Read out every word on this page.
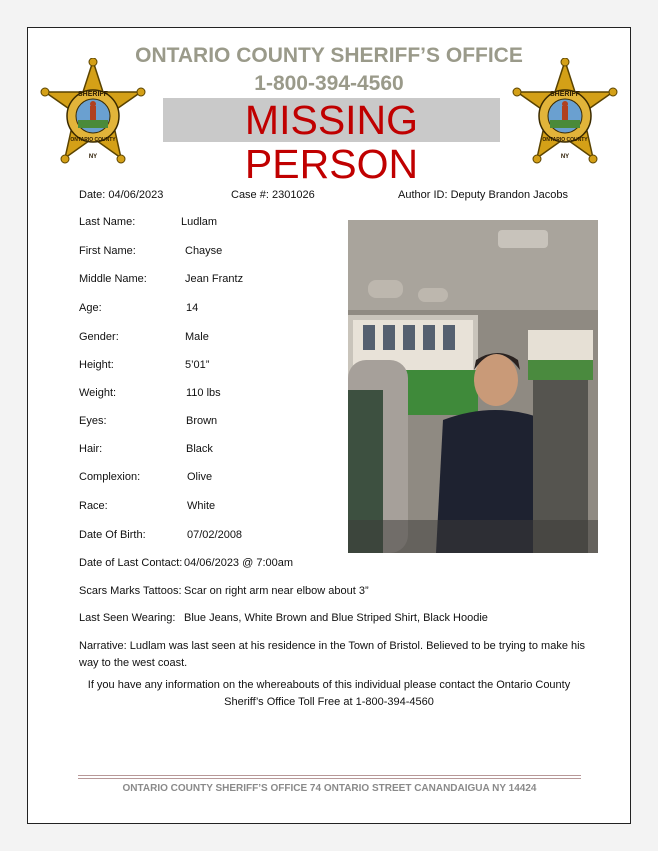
ONTARIO COUNTY SHERIFF’S OFFICE
1-800-394-4560
MISSING PERSON
SHERIFF
ONTARIO COUNTY
NY
SHERIFF
ONTARIO COUNTY
NY
Date: 04/06/2023	Case #: 2301026	Author ID: Deputy Brandon Jacobs
Last Name:	Ludlam
First Name:	Chayse
Middle Name:	Jean Frantz
Age:	14
Gender:	Male
Height:	5’01”
Weight:	110 lbs
Eyes:	Brown
Hair:	Black
Complexion:	Olive
Race:	White
Date Of Birth:	07/02/2008
Date of Last Contact: 04/06/2023 @ 7:00am
Scars Marks Tattoos: Scar on right arm near elbow about 3”
Last Seen Wearing: Blue Jeans, White Brown and Blue Striped Shirt, Black Hoodie
Narrative: Ludlam was last seen at his residence in the Town of Bristol. Believed to be trying to make his
way to the west coast.
If you have any information on the whereabouts of this individual please contact the Ontario County
Sheriff’s Office Toll Free at 1-800-394-4560
ONTARIO COUNTY SHERIFF’S OFFICE 74 ONTARIO STREET CANANDAIGUA NY 14424
